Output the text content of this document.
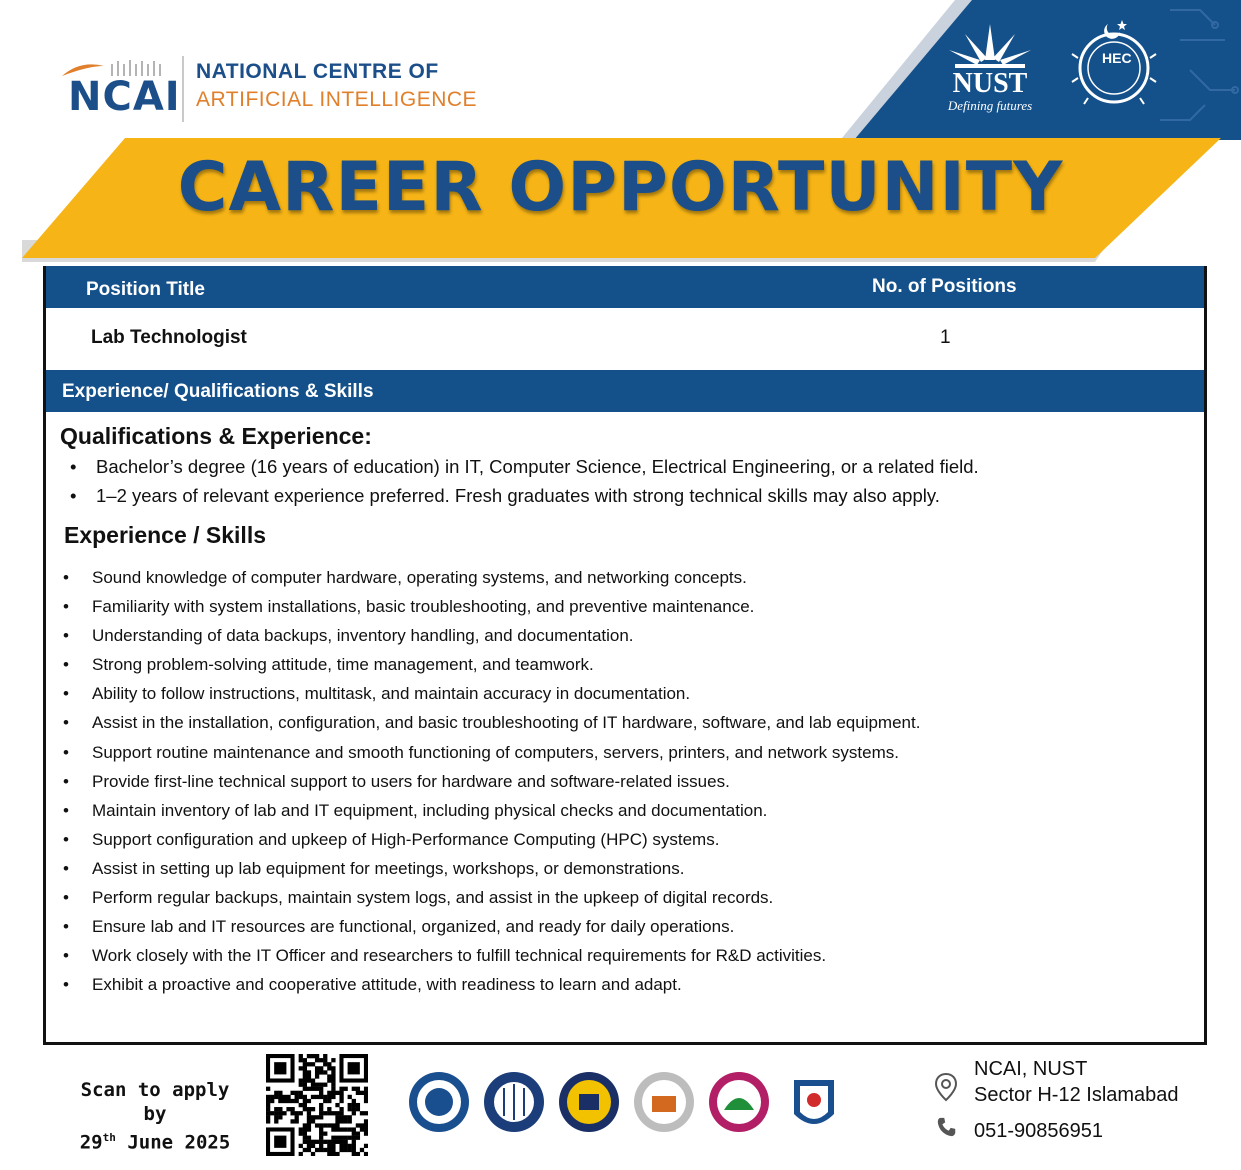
NCAI
NATIONAL CENTRE OF
ARTIFICIAL INTELLIGENCE
NUST
Defining futures
HEC
CAREER OPPORTUNITY
Position Title	No. of Positions
Lab Technologist	1
Experience/ Qualifications & Skills
Qualifications & Experience:
• Bachelor’s degree (16 years of education) in IT, Computer Science, Electrical Engineering, or a related field.
• 1–2 years of relevant experience preferred. Fresh graduates with strong technical skills may also apply.
Experience / Skills
• Sound knowledge of computer hardware, operating systems, and networking concepts.
• Familiarity with system installations, basic troubleshooting, and preventive maintenance.
• Understanding of data backups, inventory handling, and documentation.
• Strong problem-solving attitude, time management, and teamwork.
• Ability to follow instructions, multitask, and maintain accuracy in documentation.
• Assist in the installation, configuration, and basic troubleshooting of IT hardware, software, and lab equipment.
• Support routine maintenance and smooth functioning of computers, servers, printers, and network systems.
• Provide first-line technical support to users for hardware and software-related issues.
• Maintain inventory of lab and IT equipment, including physical checks and documentation.
• Support configuration and upkeep of High-Performance Computing (HPC) systems.
• Assist in setting up lab equipment for meetings, workshops, or demonstrations.
• Perform regular backups, maintain system logs, and assist in the upkeep of digital records.
• Ensure lab and IT resources are functional, organized, and ready for daily operations.
• Work closely with the IT Officer and researchers to fulfill technical requirements for R&D activities.
• Exhibit a proactive and cooperative attitude, with readiness to learn and adapt.
Scan to apply by
29th June 2025
NCAI, NUST
Sector H-12 Islamabad
051-90856951
